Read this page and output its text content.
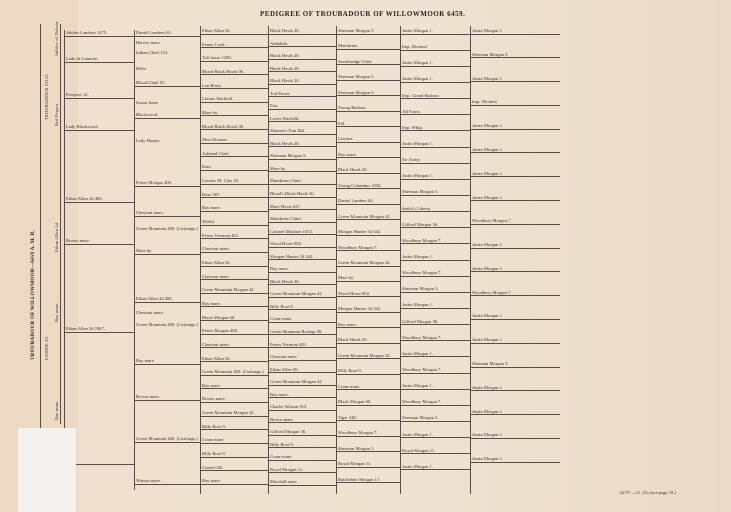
PEDIGREE OF TROUBADOUR OF WILLOWMOOR 6459.
TROUBADOUR OF WILLOWMOOR—6459 A. M. R.
TROUBADOUR 23122.
FANNIE 20.
Jubilee of Delwin
Red Pepper
Ethan Allen 2d
Bay mare.
Bay mare.
Jubilee Lambert 1475.
Lade de Lamotte.
Prospect 12.
Lady Blackwood.
Ethan Allen 2d 400.
Brown mare.
Ethan Allen 2d 1867.
Daniel Lambert 62.
Harvey mare.
Indian Chief 133.
Belle.
Blood Chief 01.
Susan Jones
Blackwood.
Lady Harper.
Peters Morgan 400.
Chestnut mare.
Green Mountain 400. (Cushings.)
Mare by
Ethan Allen 2d 406.
Chestnut mare.
Green Mountain 400. (Cushings.)
Bay mare.
Brown mare.
Green Mountain 400. (Cushings.)
Watson mare.
Ethan Allen 50.
Fanny Cook.
Taft horse 1290.
Blood Black Hawk 06.
Lon Berry.
Littons Warfield.
Mare by
Blood Black Hawk 06.
Miss Downer.
Ashland Chief.
Kate.
Cassius M. Clay 20.
Rose 367.
Bay mare.
Wilful.
Peters Vermont 401.
Chestnut mare.
Ethan Allen 50.
Chestnut mare.
Green Mountain Morgan 42.
Bay mare.
Black Morgan 60.
Peters Morgan 400.
Chestnut mare.
Ethan Allen 50.
Green Mountain 400. (Cushings.)
Bay mare.
Brown mare.
Green Mountain Morgan 42.
Billy Root 9.
Crane mare.
Billy Root 9.
Comet 042.
Bay mare.
Black Hawk 20.
Abdallah.
Black Hawk 20.
Black Hawk 20.
Black Hawk 20.
Tod Porter.
Fan.
Lewis Warfield.
Skinner's Tom Hal.
Black Hawk 20.
Sherman Morgan 5.
Mare by
Mambrino Chief.
Blood's Black Hawk 30.
Mare Horse 627.
Mambrino Chief.
Colonel Moulton 1672.
Wood Horse 802.
Morgan Hunter 34 342.
Bay mare.
Black Hawk 20.
Green Mountain Morgan 42.
Billy Root 9.
Crane mare.
Green Mountain Backup 30.
Peters Vermont 401.
Chestnut mare.
Ethan Allen 50.
Green Mountain Morgan 42.
Bay mare.
Charlie Watson 915.
Brown mare.
Gifford Morgan 36.
Billy Root 9.
Crane mare.
Royal Morgan 11.
Marshall mare.
Sherman Morgan 5.
Mambrino.
Stockbridge Chief.
Sherman Morgan 5.
Sherman Morgan 5.
Young Bashaw.
Fill.
Cracker.
Bay mare.
Black Hawk 20.
Young Columbus 1054.
Daniel Lambert 62.
Green Mountain Morgan 42.
Morgan Hunter 34 342.
Woodbury Morgan 7.
Green Mountain Morgan 42.
Mare by
Wood Horse 802.
Morgan Hunter 34 342.
Bay mare.
Black Hawk 20.
Green Mountain Morgan 42.
Billy Root 9.
Crane mare.
Black Morgan 60.
Tiger 340.
Woodbury Morgan 7.
Sherman Morgan 5.
Royal Morgan 11.
Batchelder Morgan 17.
Justin Morgan 1.
Imp. Diomed.
Justin Morgan 1.
Justin Morgan 1.
Imp. Grand Bashaw.
All Fours.
Imp. Whip.
Justin Morgan 1.
Sir Archy.
Justin Morgan 1.
Sherman Morgan 5.
Smith's Liberty.
Gifford Morgan 36.
Woodbury Morgan 7.
Justin Morgan 1.
Woodbury Morgan 7.
Sherman Morgan 5.
Justin Morgan 1.
Gifford Morgan 36.
Woodbury Morgan 7.
Justin Morgan 1.
Woodbury Morgan 7.
Justin Morgan 1.
Woodbury Morgan 7.
Sherman Morgan 5.
Justin Morgan 1.
Royal Morgan 11.
Justin Morgan 1.
Justin Morgan 1.
Sherman Morgan 5.
Justin Morgan 1.
Imp. Diomed.
Justin Morgan 1.
Justin Morgan 1.
Justin Morgan 1.
Justin Morgan 1.
Woodbury Morgan 7.
Justin Morgan 1.
Justin Morgan 1.
Woodbury Morgan 7.
Justin Morgan 1.
Justin Morgan 1.
Sherman Morgan 5.
Justin Morgan 1.
Justin Morgan 1.
Justin Morgan 1.
Justin Morgan 1.
6275°—21. (To face page 18.)
